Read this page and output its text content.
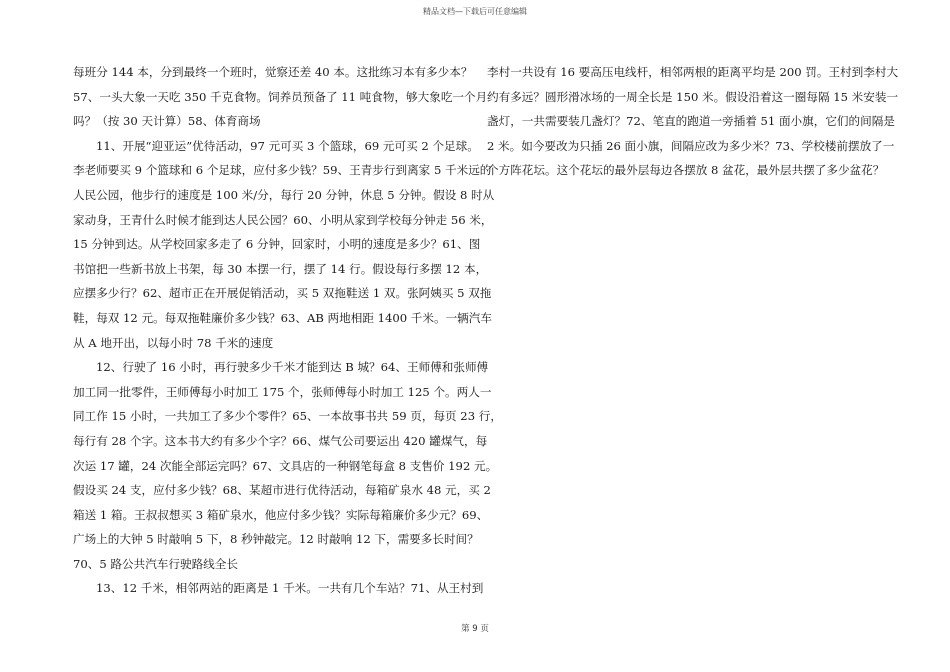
精品文档—下载后可任意编辑

每班分 144 本，分到最终一个班时，觉察还差 40 本。这批练习本有多少本？

57、一头大象一天吃 350 千克食物。饲养员预备了 11 吨食物，够大象吃一个月

吗？（按 30 天计算）58、体育商场

11、开展“迎亚运”优待活动，97 元可买 3 个篮球，69 元可买 2 个足球。

李老师要买 9 个篮球和 6 个足球，应付多少钱？59、王青步行到离家 5 千米远的

人民公园，他步行的速度是 100 米/分，每行 20 分钟，休息 5 分钟。假设 8 时从

家动身，王青什么时候才能到达人民公园？60、小明从家到学校每分钟走 56 米，

15 分钟到达。从学校回家多走了 6 分钟，回家时，小明的速度是多少？61、图

书馆把一些新书放上书架，每 30 本摆一行，摆了 14 行。假设每行多摆 12 本，

应摆多少行？62、超市正在开展促销活动，买 5 双拖鞋送 1 双。张阿姨买 5 双拖

鞋，每双 12 元。每双拖鞋廉价多少钱？63、AB 两地相距 1400 千米。一辆汽车

从 A 地开出，以每小时 78 千米的速度

12、行驶了 16 小时，再行驶多少千米才能到达 B 城？64、王师傅和张师傅

加工同一批零件，王师傅每小时加工 175 个，张师傅每小时加工 125 个。两人一

同工作 15 小时，一共加工了多少个零件？65、一本故事书共 59 页，每页 23 行，

每行有 28 个字。这本书大约有多少个字？66、煤气公司要运出 420 罐煤气，每

次运 17 罐，24 次能全部运完吗？67、文具店的一种钢笔每盒 8 支售价 192 元。

假设买 24 支，应付多少钱？68、某超市进行优待活动，每箱矿泉水 48 元，买 2

箱送 1 箱。王叔叔想买 3 箱矿泉水，他应付多少钱？实际每箱廉价多少元？69、

广场上的大钟 5 时敲响 5 下，8 秒钟敲完。12 时敲响 12 下，需要多长时间？

70、5 路公共汽车行驶路线全长

13、12 千米，相邻两站的距离是 1 千米。一共有几个车站？71、从王村到

李村一共设有 16 要高压电线杆，相邻两根的距离平均是 200 罚。王村到李村大

约有多远？圆形滑冰场的一周全长是 150 米。假设沿着这一圈每隔 15 米安装一

盏灯，一共需要装几盏灯？72、笔直的跑道一旁插着 51 面小旗，它们的间隔是

2 米。如今要改为只插 26 面小旗，间隔应改为多少米？73、学校楼前摆放了一

个方阵花坛。这个花坛的最外层每边各摆放 8 盆花，最外层共摆了多少盆花？

第 9 页
